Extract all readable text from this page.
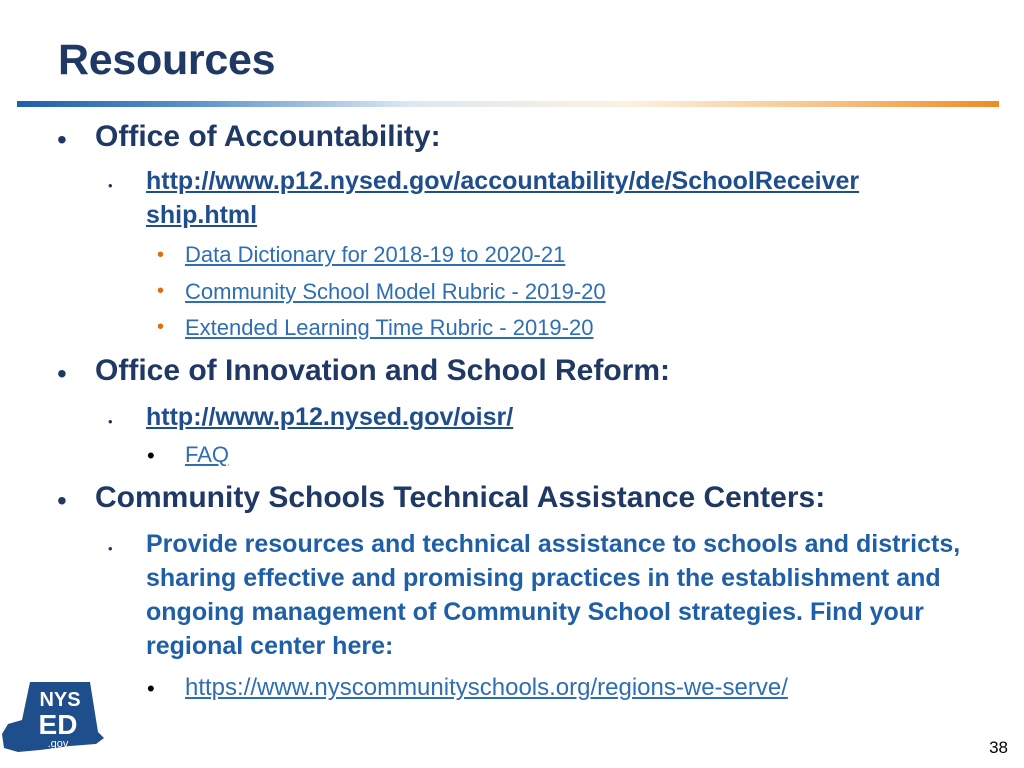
Resources
• Office of Accountability:

• http://www.p12.nysed.gov/accountability/de/SchoolReceiver
ship.html
• Data Dictionary for 2018-19 to 2020-21
• Community School Model Rubric - 2019-20
• Extended Learning Time Rubric - 2019-20
• Office of Innovation and School Reform:

• http://www.p12.nysed.gov/oisr/
• FAQ
• Community Schools Technical Assistance Centers:

• Provide resources and technical assistance to schools and districts, sharing effective and promising practices in the establishment and ongoing management of Community School strategies. Find your regional center here:

• https://www.nyscommunityschools.org/regions-we-serve/
NYS
ED
.gov	38
